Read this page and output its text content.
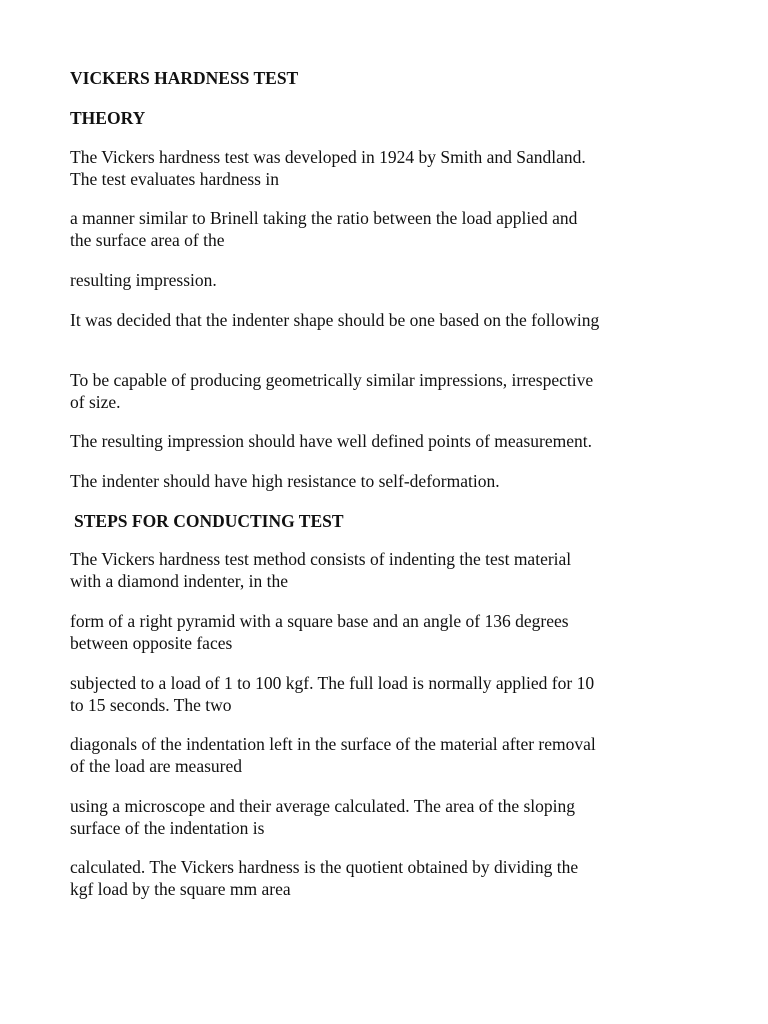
VICKERS HARDNESS TEST
THEORY
The Vickers hardness test was developed in 1924 by Smith and Sandland.
The test evaluates hardness in
a manner similar to Brinell taking the ratio between the load applied and
the surface area of the
resulting impression.
It was decided that the indenter shape should be one based on the following
To be capable of producing geometrically similar impressions, irrespective
of size.
The resulting impression should have well defined points of measurement.
The indenter should have high resistance to self-deformation.
STEPS FOR CONDUCTING TEST
The Vickers hardness test method consists of indenting the test material
with a diamond indenter, in the
form of a right pyramid with a square base and an angle of 136 degrees
between opposite faces
subjected to a load of 1 to 100 kgf. The full load is normally applied for 10
to 15 seconds. The two
diagonals of the indentation left in the surface of the material after removal
of the load are measured
using a microscope and their average calculated. The area of the sloping
surface of the indentation is
calculated. The Vickers hardness is the quotient obtained by dividing the
kgf load by the square mm area
